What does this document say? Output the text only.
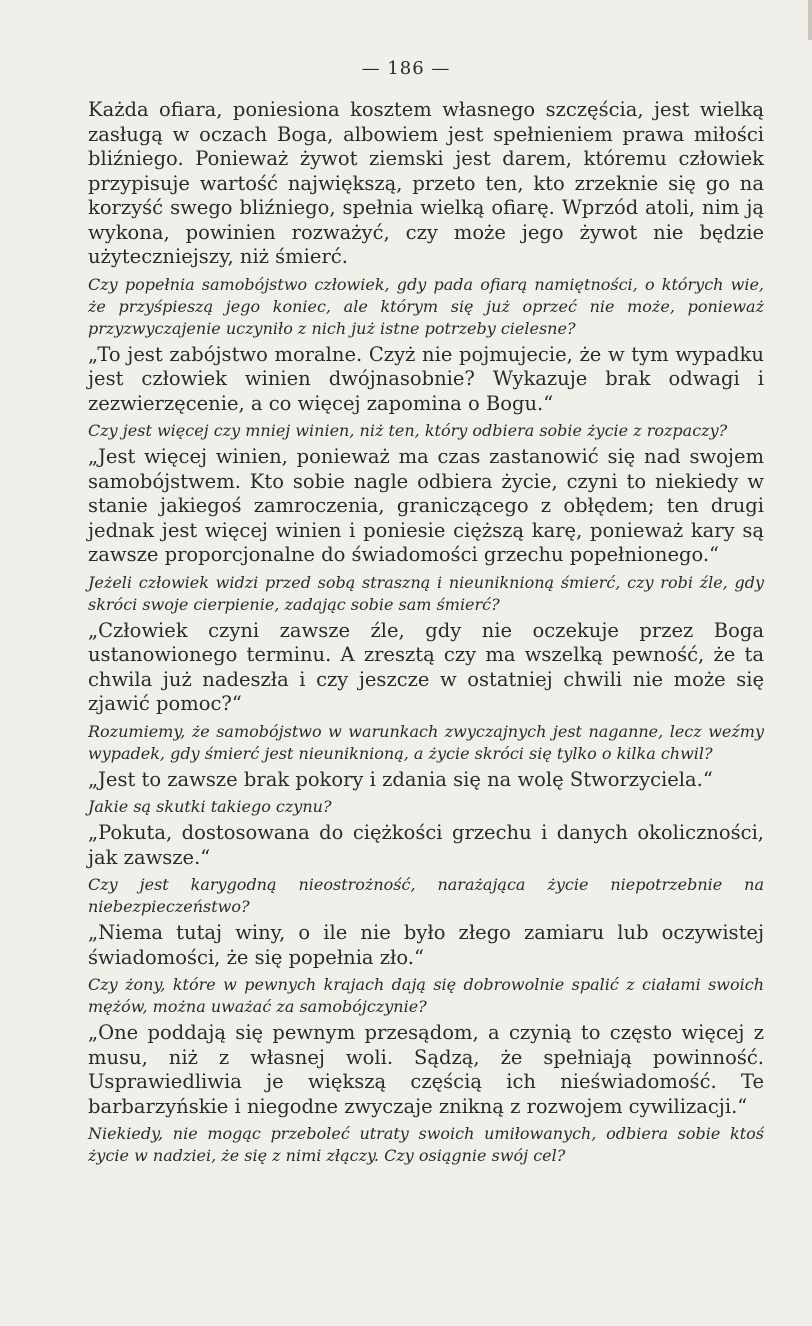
— 186 —

Każda ofiara, poniesiona kosztem własnego szczęścia, jest wielką zasługą w oczach Boga, albowiem jest spełnieniem prawa miłości bliźniego. Ponieważ żywot ziemski jest darem, któremu człowiek przypisuje wartość największą, przeto ten, kto zrzeknie się go na korzyść swego bliźniego, spełnia wielką ofiarę. Wprzód atoli, nim ją wykona, powinien rozważyć, czy może jego żywot nie będzie użyteczniejszy, niż śmierć.

Czy popełnia samobójstwo człowiek, gdy pada ofiarą namiętności, o których wie, że przyśpieszą jego koniec, ale którym się już oprzeć nie może, ponieważ przyzwyczajenie uczyniło z nich już istne potrzeby cielesne?

„To jest zabójstwo moralne. Czyż nie pojmujecie, że w tym wypadku jest człowiek winien dwójnasobnie? Wykazuje brak odwagi i zezwierzęcenie, a co więcej zapomina o Bogu.“

Czy jest więcej czy mniej winien, niż ten, który odbiera sobie życie z rozpaczy?

„Jest więcej winien, ponieważ ma czas zastanowić się nad swojem samobójstwem. Kto sobie nagle odbiera życie, czyni to niekiedy w stanie jakiegoś zamroczenia, graniczącego z obłędem; ten drugi jednak jest więcej winien i poniesie cięższą karę, ponieważ kary są zawsze proporcjonalne do świadomości grzechu popełnionego.“

Jeżeli człowiek widzi przed sobą straszną i nieuniknioną śmierć, czy robi źle, gdy skróci swoje cierpienie, zadając sobie sam śmierć?

„Człowiek czyni zawsze źle, gdy nie oczekuje przez Boga ustanowionego terminu. A zresztą czy ma wszelką pewność, że ta chwila już nadeszła i czy jeszcze w ostatniej chwili nie może się zjawić pomoc?“

Rozumiemy, że samobójstwo w warunkach zwyczajnych jest naganne, lecz weźmy wypadek, gdy śmierć jest nieuniknioną, a życie skróci się tylko o kilka chwil?

„Jest to zawsze brak pokory i zdania się na wolę Stworzyciela.“

Jakie są skutki takiego czynu?

„Pokuta, dostosowana do ciężkości grzechu i danych okoliczności, jak zawsze.“

Czy jest karygodną nieostrożność, narażająca życie niepotrzebnie na niebezpieczeństwo?

„Niema tutaj winy, o ile nie było złego zamiaru lub oczywistej świadomości, że się popełnia zło.“

Czy żony, które w pewnych krajach dają się dobrowolnie spalić z ciałami swoich mężów, można uważać za samobójczynie?

„One poddają się pewnym przesądom, a czynią to często więcej z musu, niż z własnej woli. Sądzą, że spełniają powinność. Usprawiedliwia je większą częścią ich nieświadomość. Te barbarzyńskie i niegodne zwyczaje znikną z rozwojem cywilizacji.“

Niekiedy, nie mogąc przeboleć utraty swoich umiłowanych, odbiera sobie ktoś życie w nadziei, że się z nimi złączy. Czy osiągnie swój cel?
